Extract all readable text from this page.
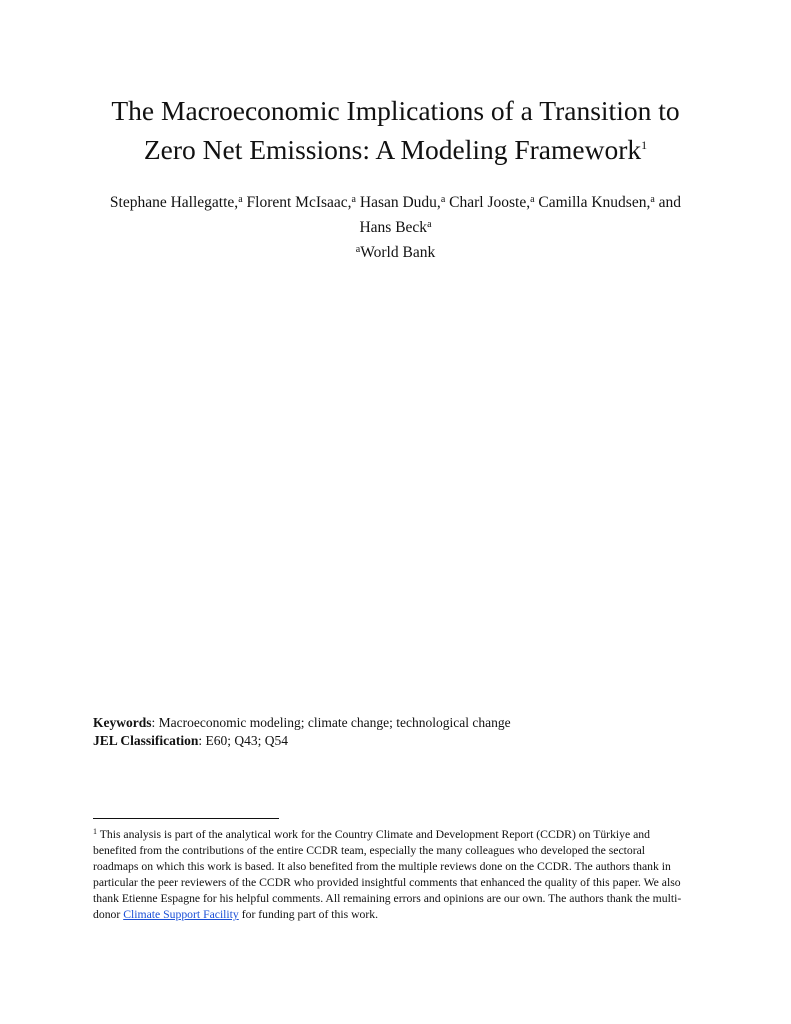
The Macroeconomic Implications of a Transition to
Zero Net Emissions: A Modeling Framework$^1$
Stephane Hallegatte,$^a$ Florent McIsaac,$^a$ Hasan Dudu,$^a$ Charl Jooste,$^a$ Camilla Knudsen,$^a$ and Hans Beck$^a$
$^a$World Bank
Keywords: Macroeconomic modeling; climate change; technological change
JEL Classification: E60; Q43; Q54
$^1$ This analysis is part of the analytical work for the Country Climate and Development Report (CCDR) on Türkiye and benefited from the contributions of the entire CCDR team, especially the many colleagues who developed the sectoral roadmaps on which this work is based. It also benefited from the multiple reviews done on the CCDR. The authors thank in particular the peer reviewers of the CCDR who provided insightful comments that enhanced the quality of this paper. We also thank Etienne Espagne for his helpful comments. All remaining errors and opinions are our own. The authors thank the multi-donor Climate Support Facility for funding part of this work.
